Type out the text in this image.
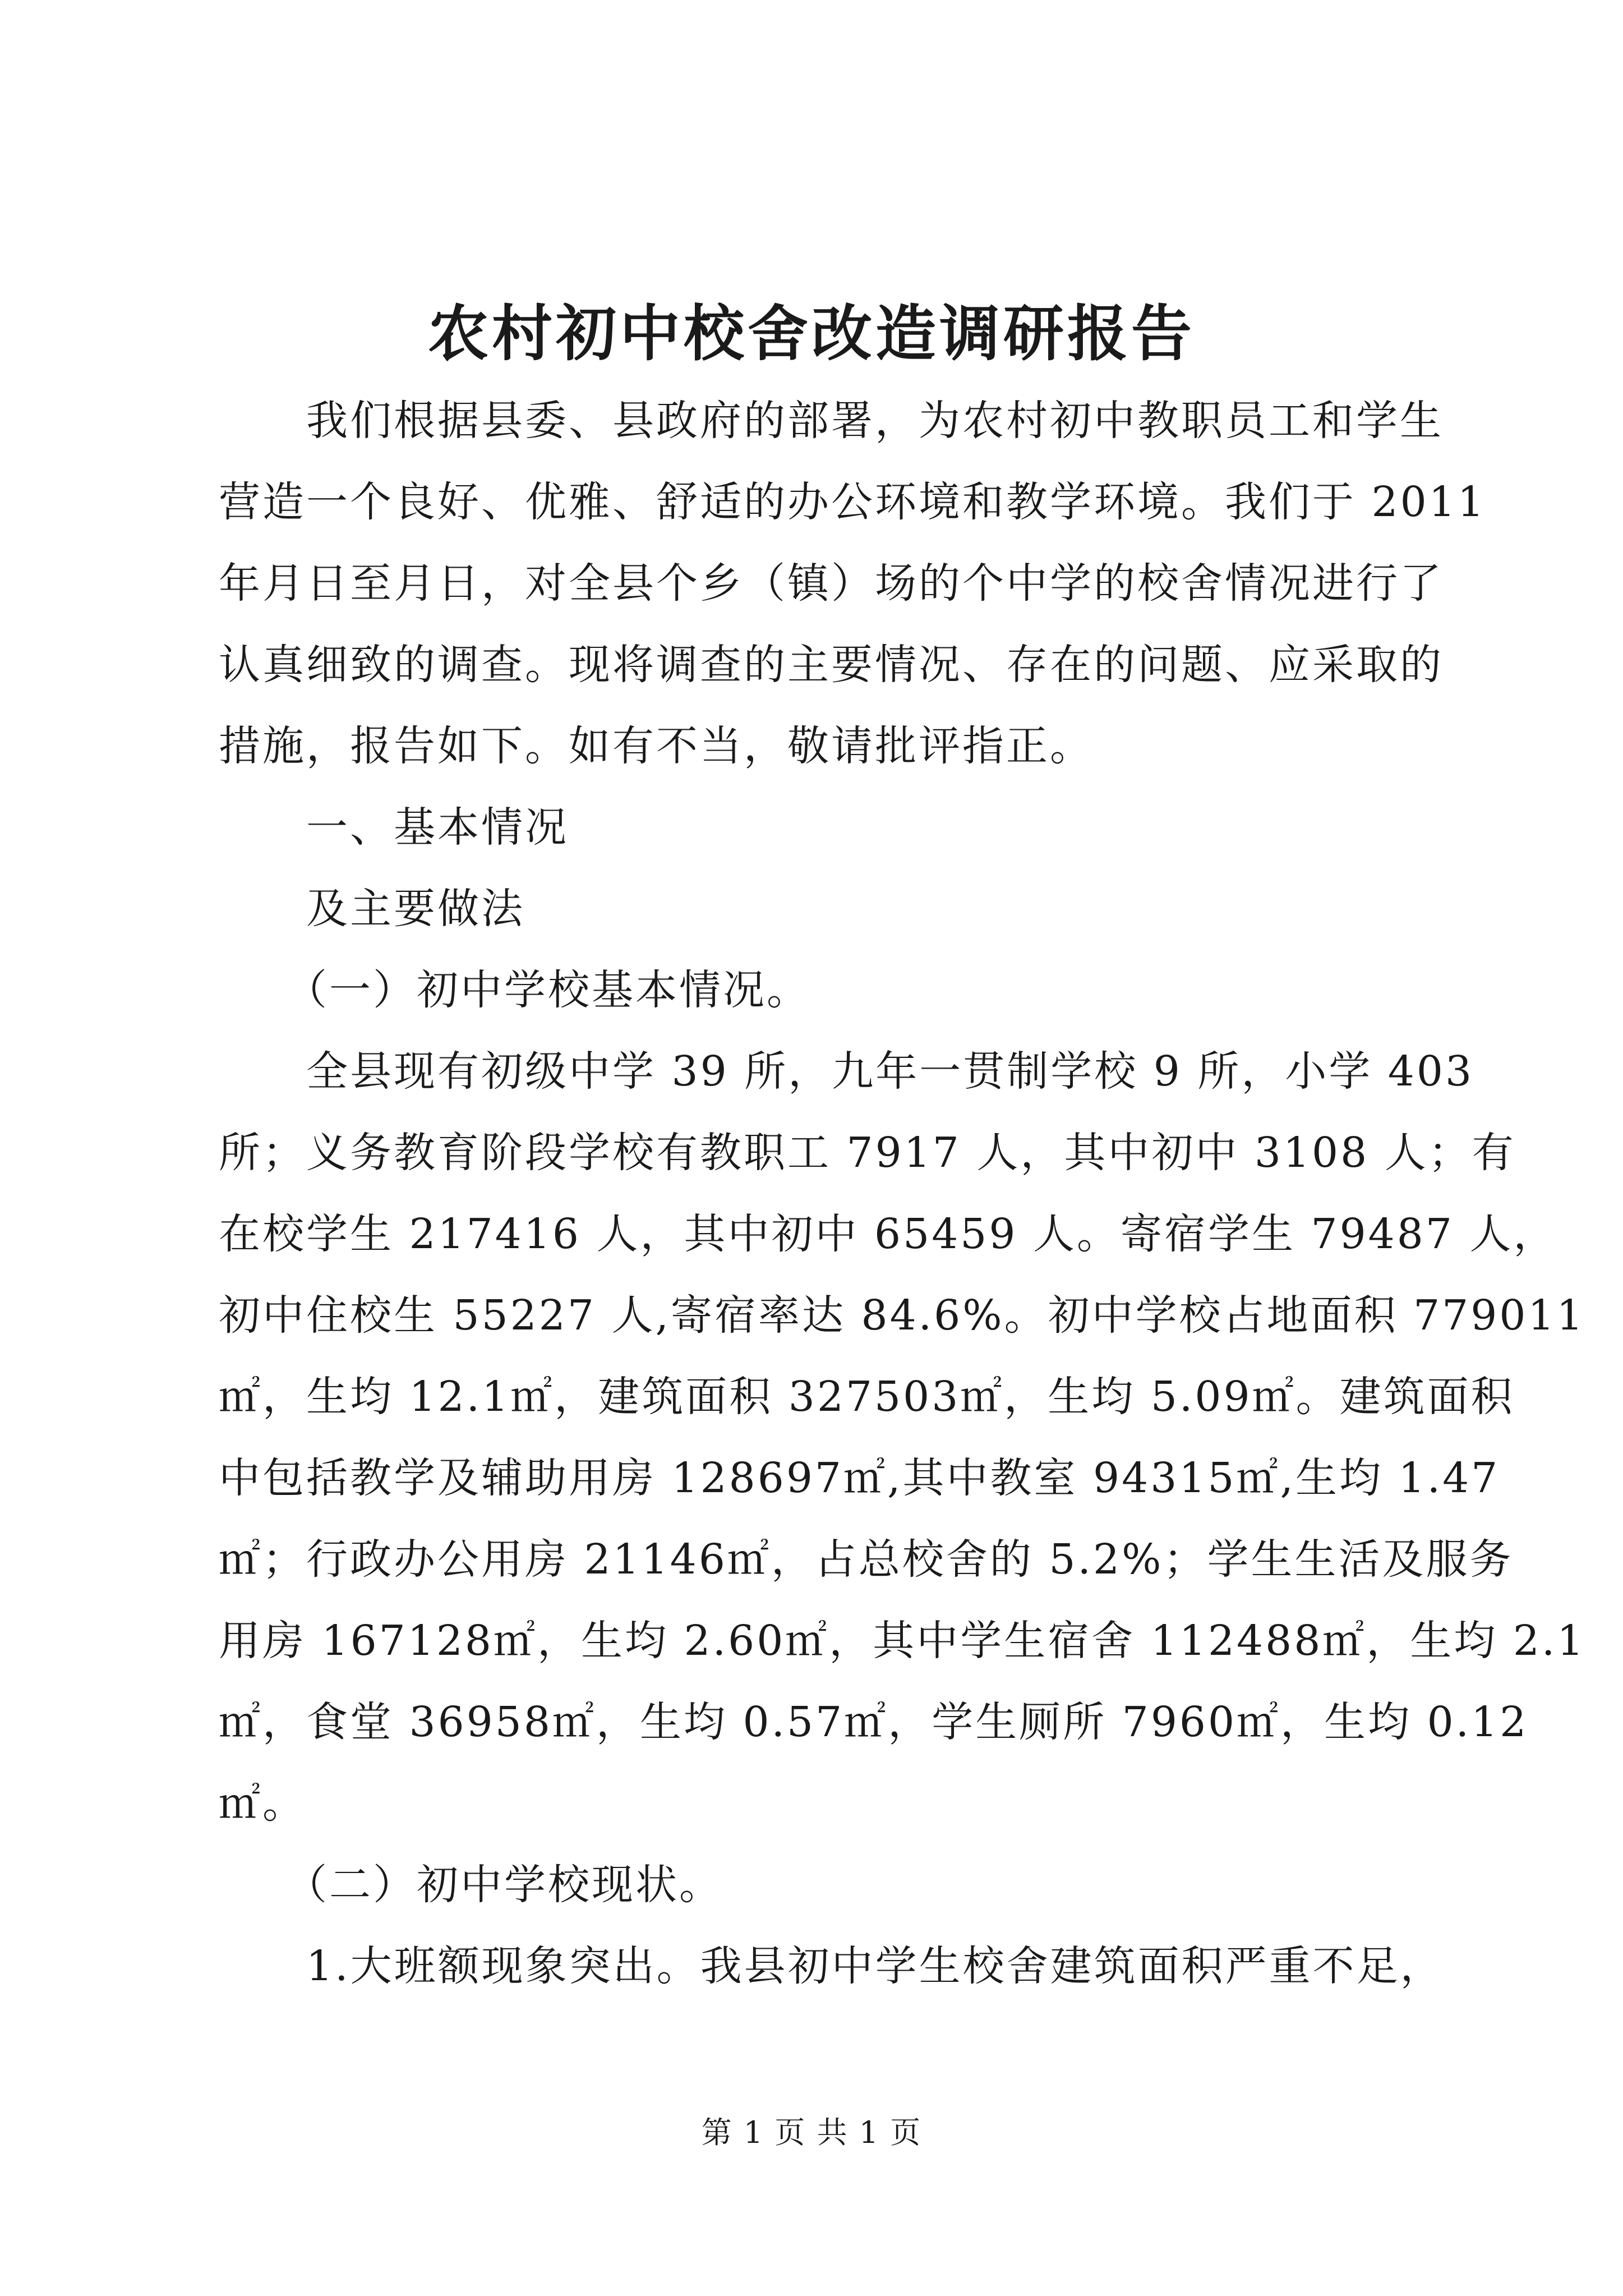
农村初中校舍改造调研报告
　　我们根据县委、县政府的部署，为农村初中教职员工和学生
营造一个良好、优雅、舒适的办公环境和教学环境。我们于 2011
年月日至月日，对全县个乡（镇）场的个中学的校舍情况进行了
认真细致的调查。现将调查的主要情况、存在的问题、应采取的
措施，报告如下。如有不当，敬请批评指正。
　　一、基本情况
　　及主要做法
　　（一）初中学校基本情况。
　　全县现有初级中学 39 所，九年一贯制学校 9 所，小学 403
所；义务教育阶段学校有教职工 7917 人，其中初中 3108 人；有
在校学生 217416 人，其中初中 65459 人。寄宿学生 79487 人，
初中住校生 55227 人,寄宿率达 84.6%。初中学校占地面积 779011
㎡，生均 12.1㎡，建筑面积 327503㎡，生均 5.09㎡。建筑面积
中包括教学及辅助用房 128697㎡,其中教室 94315㎡,生均 1.47
㎡；行政办公用房 21146㎡，占总校舍的 5.2%；学生生活及服务
用房 167128㎡，生均 2.60㎡，其中学生宿舍 112488㎡，生均 2.1
㎡，食堂 36958㎡，生均 0.57㎡，学生厕所 7960㎡，生均 0.12
㎡。
　　（二）初中学校现状。
　　1.大班额现象突出。我县初中学生校舍建筑面积严重不足，
第 1 页 共 1 页
